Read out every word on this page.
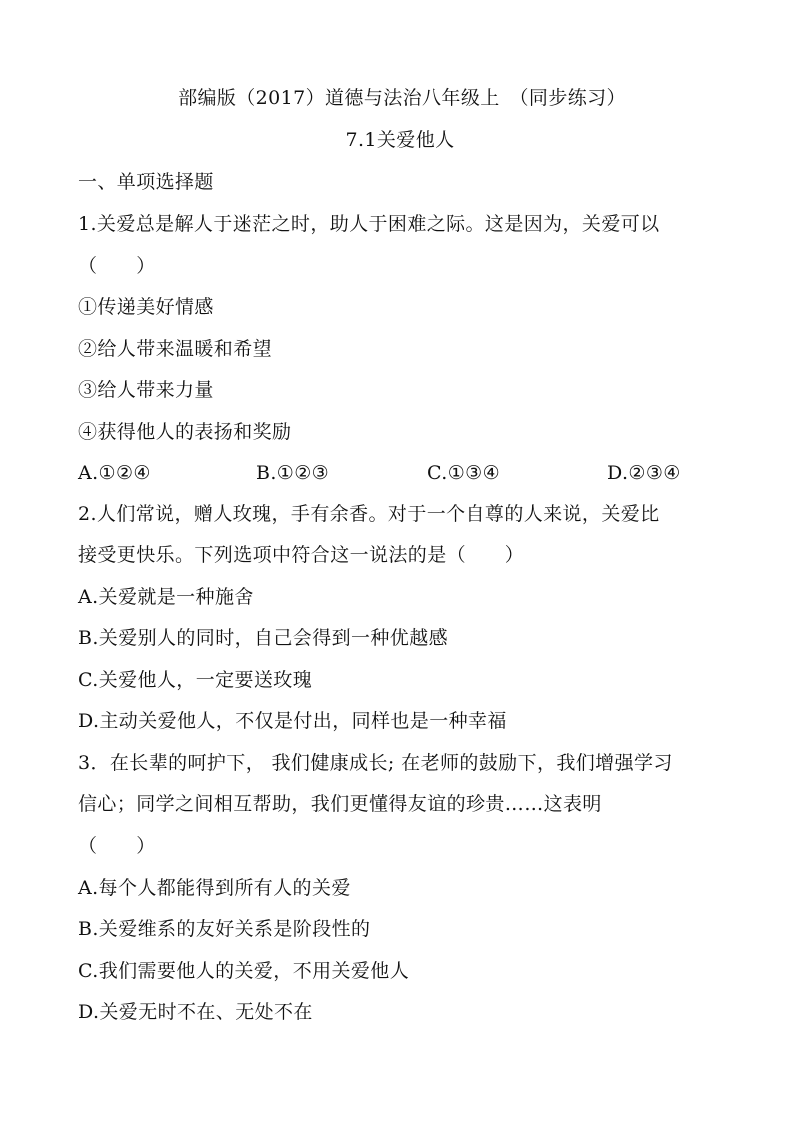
部编版（2017）道德与法治八年级上　（同步练习）
7.1关爱他人
一、单项选择题
1.关爱总是解人于迷茫之时，助人于困难之际。这是因为，关爱可以
（　　）
①传递美好情感
②给人带来温暖和希望
③给人带来力量
④获得他人的表扬和奖励
A.①②④	B.①②③	C.①③④	D.②③④
2.人们常说，赠人玫瑰，手有余香。对于一个自尊的人来说，关爱比
接受更快乐。下列选项中符合这一说法的是（　　）
A.关爱就是一种施舍
B.关爱别人的同时，自己会得到一种优越感
C.关爱他人，一定要送玫瑰
D.主动关爱他人，不仅是付出，同样也是一种幸福
3．在长辈的呵护下， 我们健康成长; 在老师的鼓励下，我们增强学习
信心；同学之间相互帮助，我们更懂得友谊的珍贵……这表明
（　　）
A.每个人都能得到所有人的关爱
B.关爱维系的友好关系是阶段性的
C.我们需要他人的关爱，不用关爱他人
D.关爱无时不在、无处不在
